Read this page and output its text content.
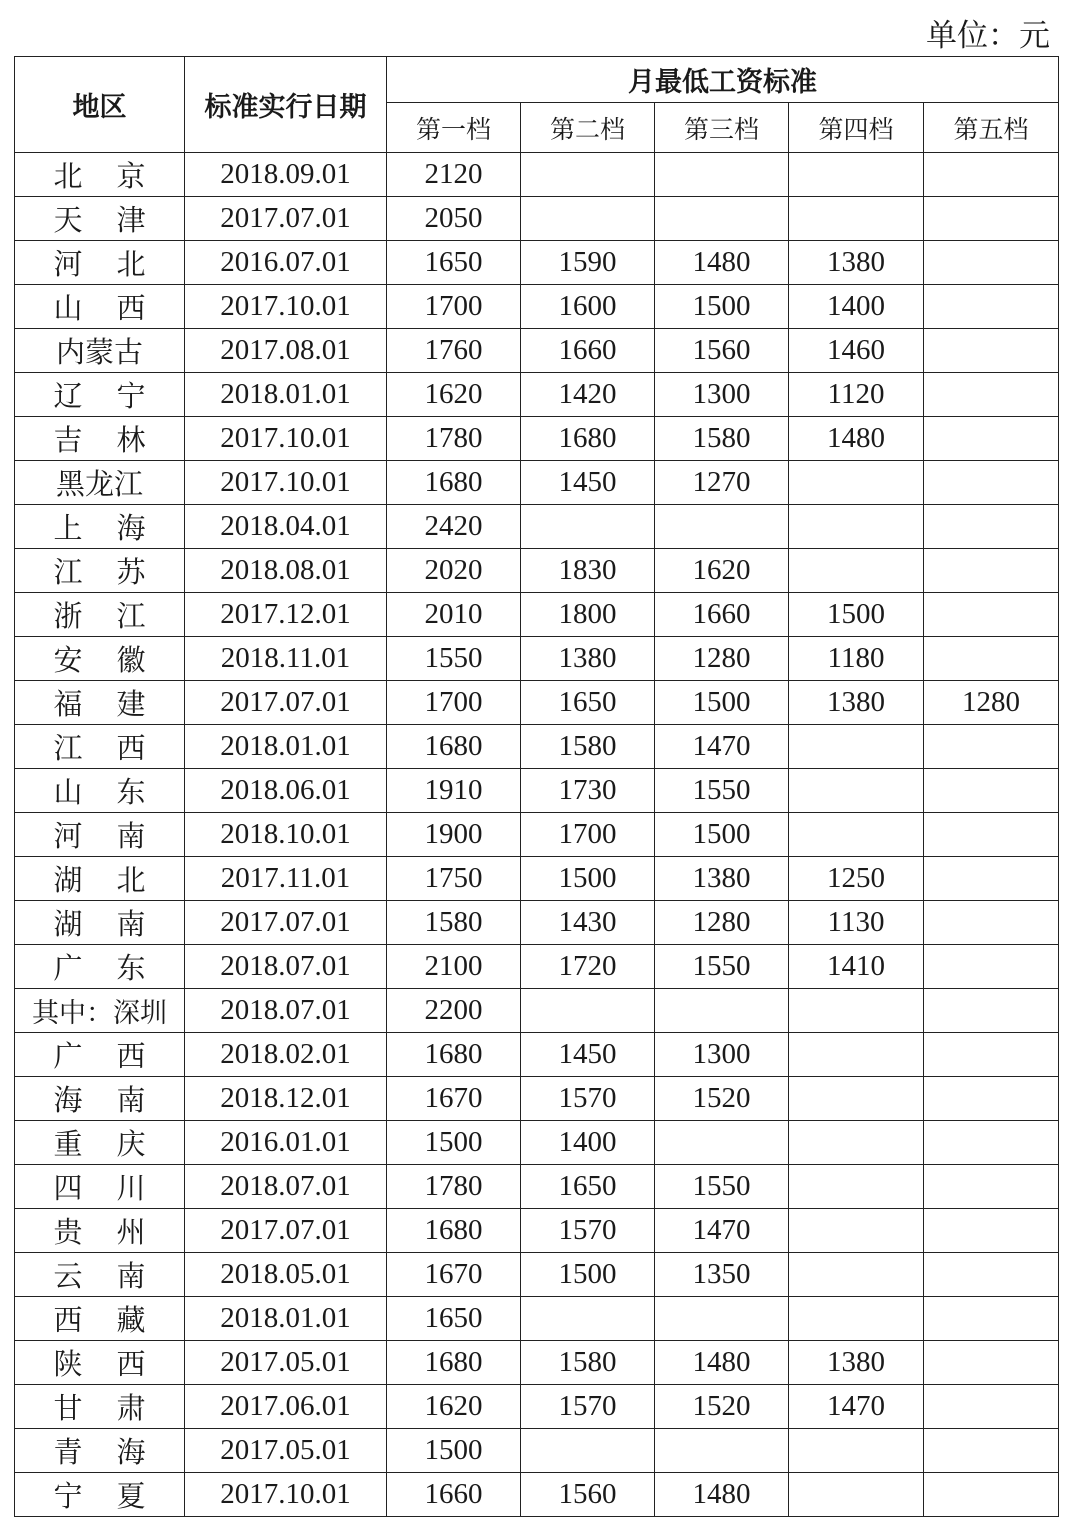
单位：元
地区	标准实行日期	月最低工资标准				
		第一档	第二档	第三档	第四档	第五档
北京	2018.09.01	2120				
天津	2017.07.01	2050				
河北	2016.07.01	1650	1590	1480	1380	
山西	2017.10.01	1700	1600	1500	1400	
内蒙古	2017.08.01	1760	1660	1560	1460	
辽宁	2018.01.01	1620	1420	1300	1120	
吉林	2017.10.01	1780	1680	1580	1480	
黑龙江	2017.10.01	1680	1450	1270		
上海	2018.04.01	2420				
江苏	2018.08.01	2020	1830	1620		
浙江	2017.12.01	2010	1800	1660	1500	
安徽	2018.11.01	1550	1380	1280	1180	
福建	2017.07.01	1700	1650	1500	1380	1280
江西	2018.01.01	1680	1580	1470		
山东	2018.06.01	1910	1730	1550		
河南	2018.10.01	1900	1700	1500		
湖北	2017.11.01	1750	1500	1380	1250	
湖南	2017.07.01	1580	1430	1280	1130	
广东	2018.07.01	2100	1720	1550	1410	
其中：深圳	2018.07.01	2200				
广西	2018.02.01	1680	1450	1300		
海南	2018.12.01	1670	1570	1520		
重庆	2016.01.01	1500	1400			
四川	2018.07.01	1780	1650	1550		
贵州	2017.07.01	1680	1570	1470		
云南	2018.05.01	1670	1500	1350		
西藏	2018.01.01	1650				
陕西	2017.05.01	1680	1580	1480	1380	
甘肃	2017.06.01	1620	1570	1520	1470	
青海	2017.05.01	1500				
宁夏	2017.10.01	1660	1560	1480		
